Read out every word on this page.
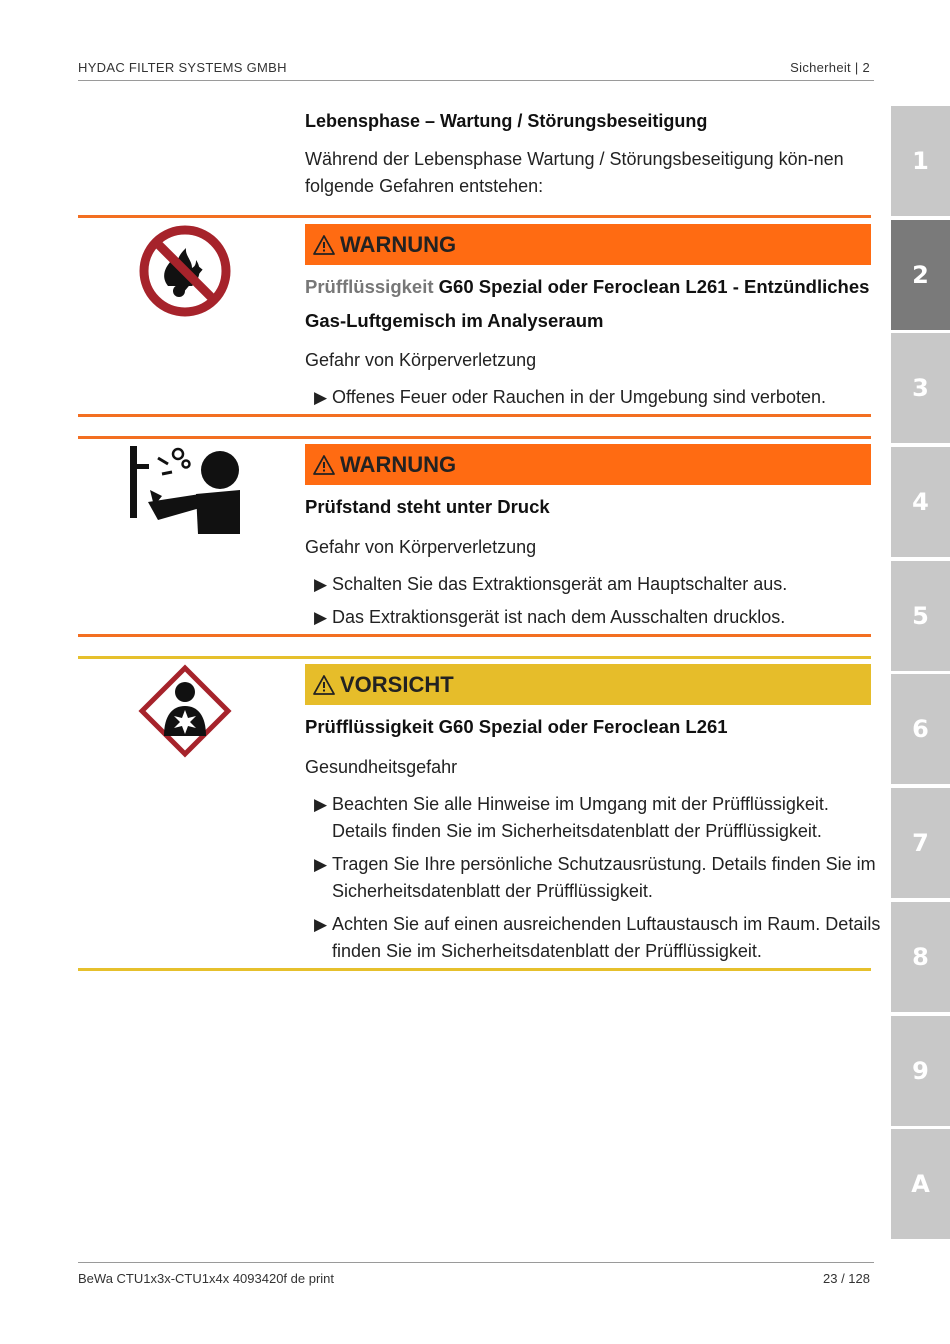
HYDAC FILTER SYSTEMS GMBH	Sicherheit | 2
1
2
3
4
5
6
7
8
9
A
Lebensphase – Wartung / Störungsbeseitigung
Während der Lebensphase Wartung / Störungsbeseitigung kön-nen folgende Gefahren entstehen:
WARNUNG
Prüfflüssigkeit G60 Spezial oder Feroclean L261 - Entzündliches Gas-Luftgemisch im Analyseraum
Gefahr von Körperverletzung
▶ Offenes Feuer oder Rauchen in der Umgebung sind verboten.
WARNUNG
Prüfstand steht unter Druck
Gefahr von Körperverletzung
▶ Schalten Sie das Extraktionsgerät am Hauptschalter aus.
▶ Das Extraktionsgerät ist nach dem Ausschalten drucklos.
VORSICHT
Prüfflüssigkeit G60 Spezial oder Feroclean L261
Gesundheitsgefahr
▶ Beachten Sie alle Hinweise im Umgang mit der Prüfflüssigkeit. Details finden Sie im Sicherheitsdatenblatt der Prüfflüssigkeit.
▶ Tragen Sie Ihre persönliche Schutzausrüstung. Details finden Sie im Sicherheitsdatenblatt der Prüfflüssigkeit.
▶ Achten Sie auf einen ausreichenden Luftaustausch im Raum. Details finden Sie im Sicherheitsdatenblatt der Prüfflüssigkeit.
BeWa CTU1x3x-CTU1x4x 4093420f de print	23 / 128
